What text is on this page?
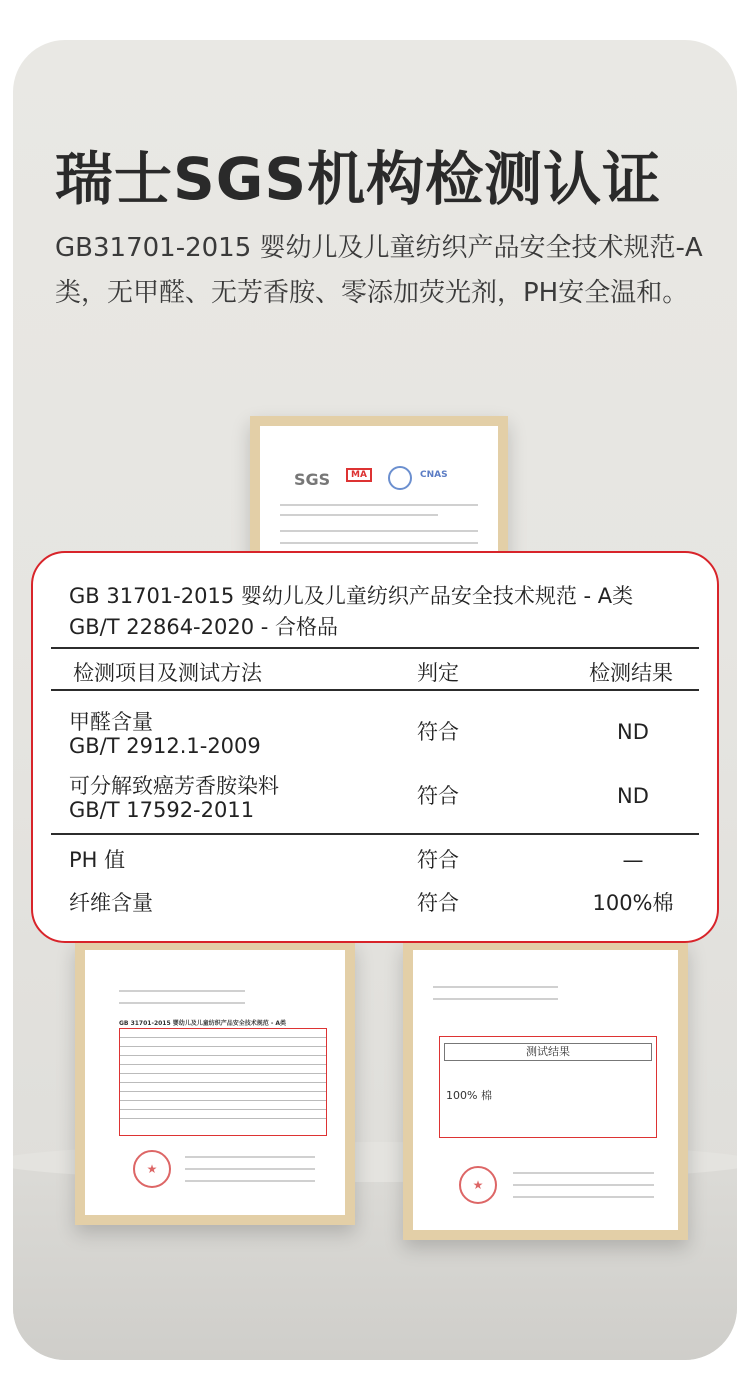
瑞士SGS机构检测认证
GB31701-2015 婴幼儿及儿童纺织产品安全技术规范-A类，无甲醛、无芳香胺、零添加荧光剂，PH安全温和。
SGS	MA	CNAS
GB 31701-2015 婴幼儿及儿童纺织产品安全技术规范 - A类
★
测试结果
100% 棉
★
GB 31701-2015 婴幼儿及儿童纺织产品安全技术规范 - A类
GB/T 22864-2020 - 合格品
检测项目及测试方法	判定	检测结果
甲醛含量
GB/T 2912.1-2009
符合	ND
可分解致癌芳香胺染料
GB/T 17592-2011
符合	ND
PH 值	符合	—
纤维含量	符合	100%棉
